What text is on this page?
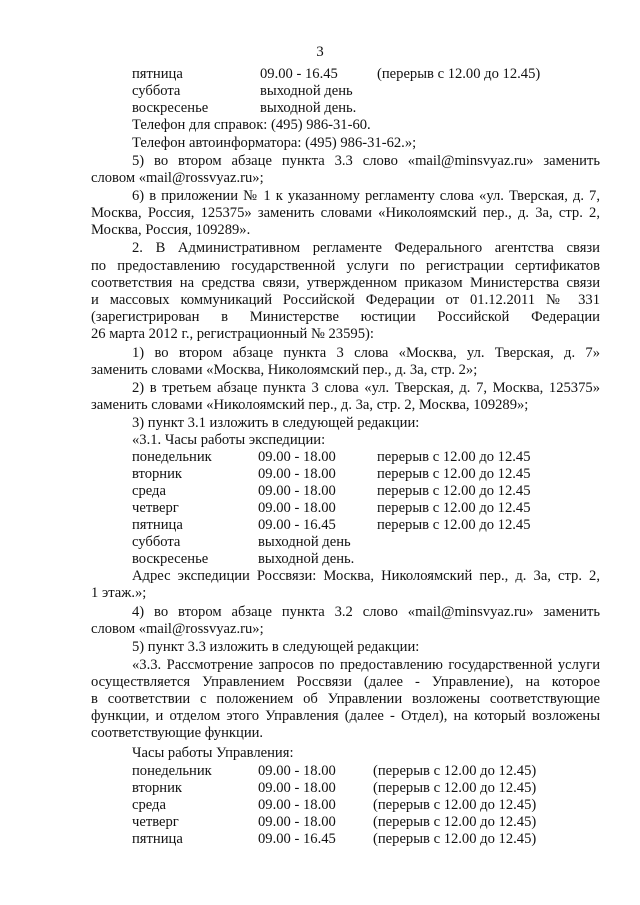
3
пятница	09.00 - 16.45	(перерыв с 12.00 до 12.45)
суббота	выходной день
воскресенье	выходной день.
Телефон для справок: (495) 986-31-60.
Телефон автоинформатора: (495) 986-31-62.»;
5) во втором абзаце пункта 3.3 слово «mail@minsvyaz.ru» заменить
словом «mail@rossvyaz.ru»;
6) в приложении № 1 к указанному регламенту слова «ул. Тверская, д. 7,
Москва, Россия, 125375» заменить словами «Николоямский пер., д. 3а, стр. 2,
Москва, Россия, 109289».
2. В Административном регламенте Федерального агентства связи
по предоставлению государственной услуги по регистрации сертификатов
соответствия на средства связи, утвержденном приказом Министерства связи
и массовых коммуникаций Российской Федерации от 01.12.2011 № 331
(зарегистрирован в Министерстве юстиции Российской Федерации
26 марта 2012 г., регистрационный № 23595):
1) во втором абзаце пункта 3 слова «Москва, ул. Тверская, д. 7»
заменить словами «Москва, Николоямский пер., д. 3а, стр. 2»;
2) в третьем абзаце пункта 3 слова «ул. Тверская, д. 7, Москва, 125375»
заменить словами «Николоямский пер., д. 3а, стр. 2, Москва, 109289»;
3) пункт 3.1 изложить в следующей редакции:
«3.1. Часы работы экспедиции:
понедельник	09.00 - 18.00	перерыв с 12.00 до 12.45
вторник	09.00 - 18.00	перерыв с 12.00 до 12.45
среда	09.00 - 18.00	перерыв с 12.00 до 12.45
четверг	09.00 - 18.00	перерыв с 12.00 до 12.45
пятница	09.00 - 16.45	перерыв с 12.00 до 12.45
суббота	выходной день
воскресенье	выходной день.
Адрес экспедиции Россвязи: Москва, Николоямский пер., д. 3а, стр. 2,
1 этаж.»;
4) во втором абзаце пункта 3.2 слово «mail@minsvyaz.ru» заменить
словом «mail@rossvyaz.ru»;
5) пункт 3.3 изложить в следующей редакции:
«3.3. Рассмотрение запросов по предоставлению государственной услуги
осуществляется Управлением Россвязи (далее - Управление), на которое
в соответствии с положением об Управлении возложены соответствующие
функции, и отделом этого Управления (далее - Отдел), на который возложены
соответствующие функции.
Часы работы Управления:
понедельник	09.00 - 18.00	(перерыв с 12.00 до 12.45)
вторник	09.00 - 18.00	(перерыв с 12.00 до 12.45)
среда	09.00 - 18.00	(перерыв с 12.00 до 12.45)
четверг	09.00 - 18.00	(перерыв с 12.00 до 12.45)
пятница	09.00 - 16.45	(перерыв с 12.00 до 12.45)
